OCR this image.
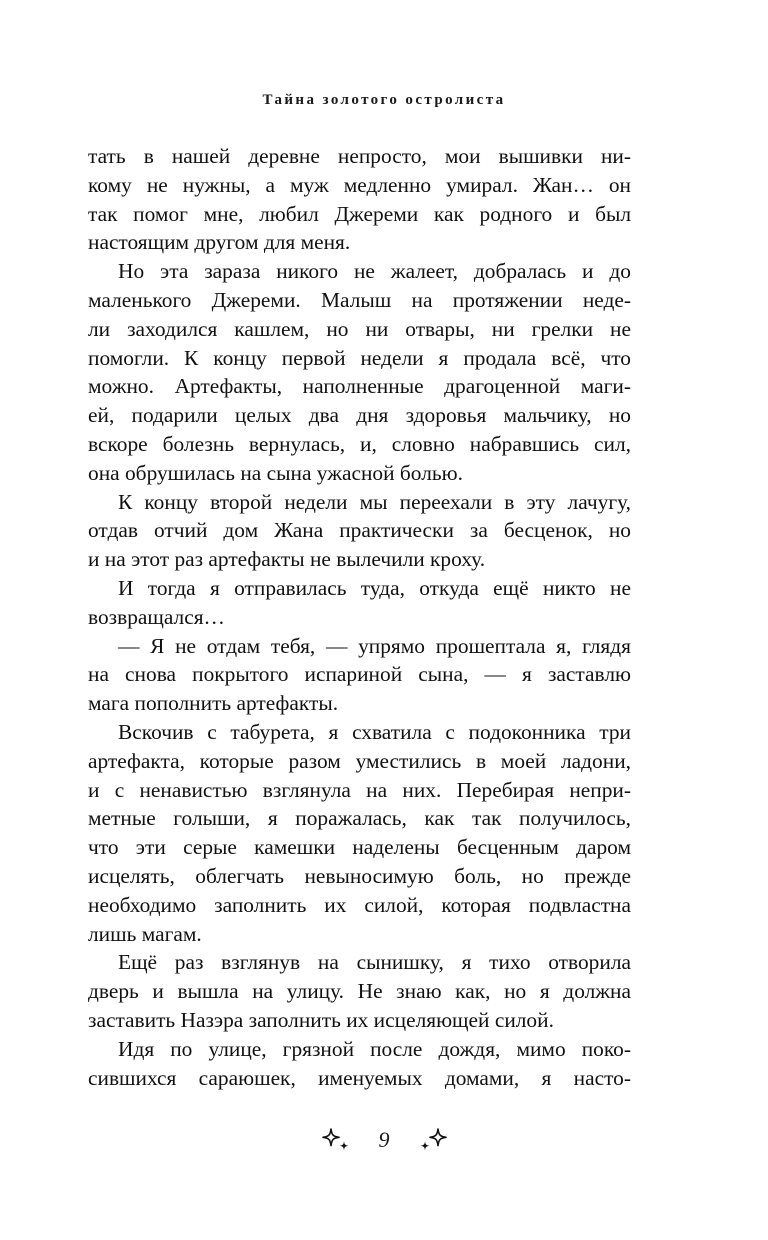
Тайна золотого остролиста

тать в нашей деревне непросто, мои вышивки ни-
кому не нужны, а муж медленно умирал. Жан… он
так помог мне, любил Джереми как родного и был
настоящим другом для меня.

Но эта зараза никого не жалеет, добралась и до
маленького Джереми. Малыш на протяжении неде-
ли заходился кашлем, но ни отвары, ни грелки не
помогли. К концу первой недели я продала всё, что
можно. Артефакты, наполненные драгоценной маги-
ей, подарили целых два дня здоровья мальчику, но
вскоре болезнь вернулась, и, словно набравшись сил,
она обрушилась на сына ужасной болью.

К концу второй недели мы переехали в эту лачугу,
отдав отчий дом Жана практически за бесценок, но
и на этот раз артефакты не вылечили кроху.

И тогда я отправилась туда, откуда ещё никто не
возвращался…

— Я не отдам тебя, — упрямо прошептала я, глядя
на снова покрытого испариной сына, — я заставлю
мага пополнить артефакты.

Вскочив с табурета, я схватила с подоконника три
артефакта, которые разом уместились в моей ладони,
и с ненавистью взглянула на них. Перебирая непри-
метные голыши, я поражалась, как так получилось,
что эти серые камешки наделены бесценным даром
исцелять, облегчать невыносимую боль, но прежде
необходимо заполнить их силой, которая подвластна
лишь магам.

Ещё раз взглянув на сынишку, я тихо отворила
дверь и вышла на улицу. Не знаю как, но я должна
заставить Назэра заполнить их исцеляющей силой.

Идя по улице, грязной после дождя, мимо поко-
сившихся сараюшек, именуемых домами, я насто-

9
